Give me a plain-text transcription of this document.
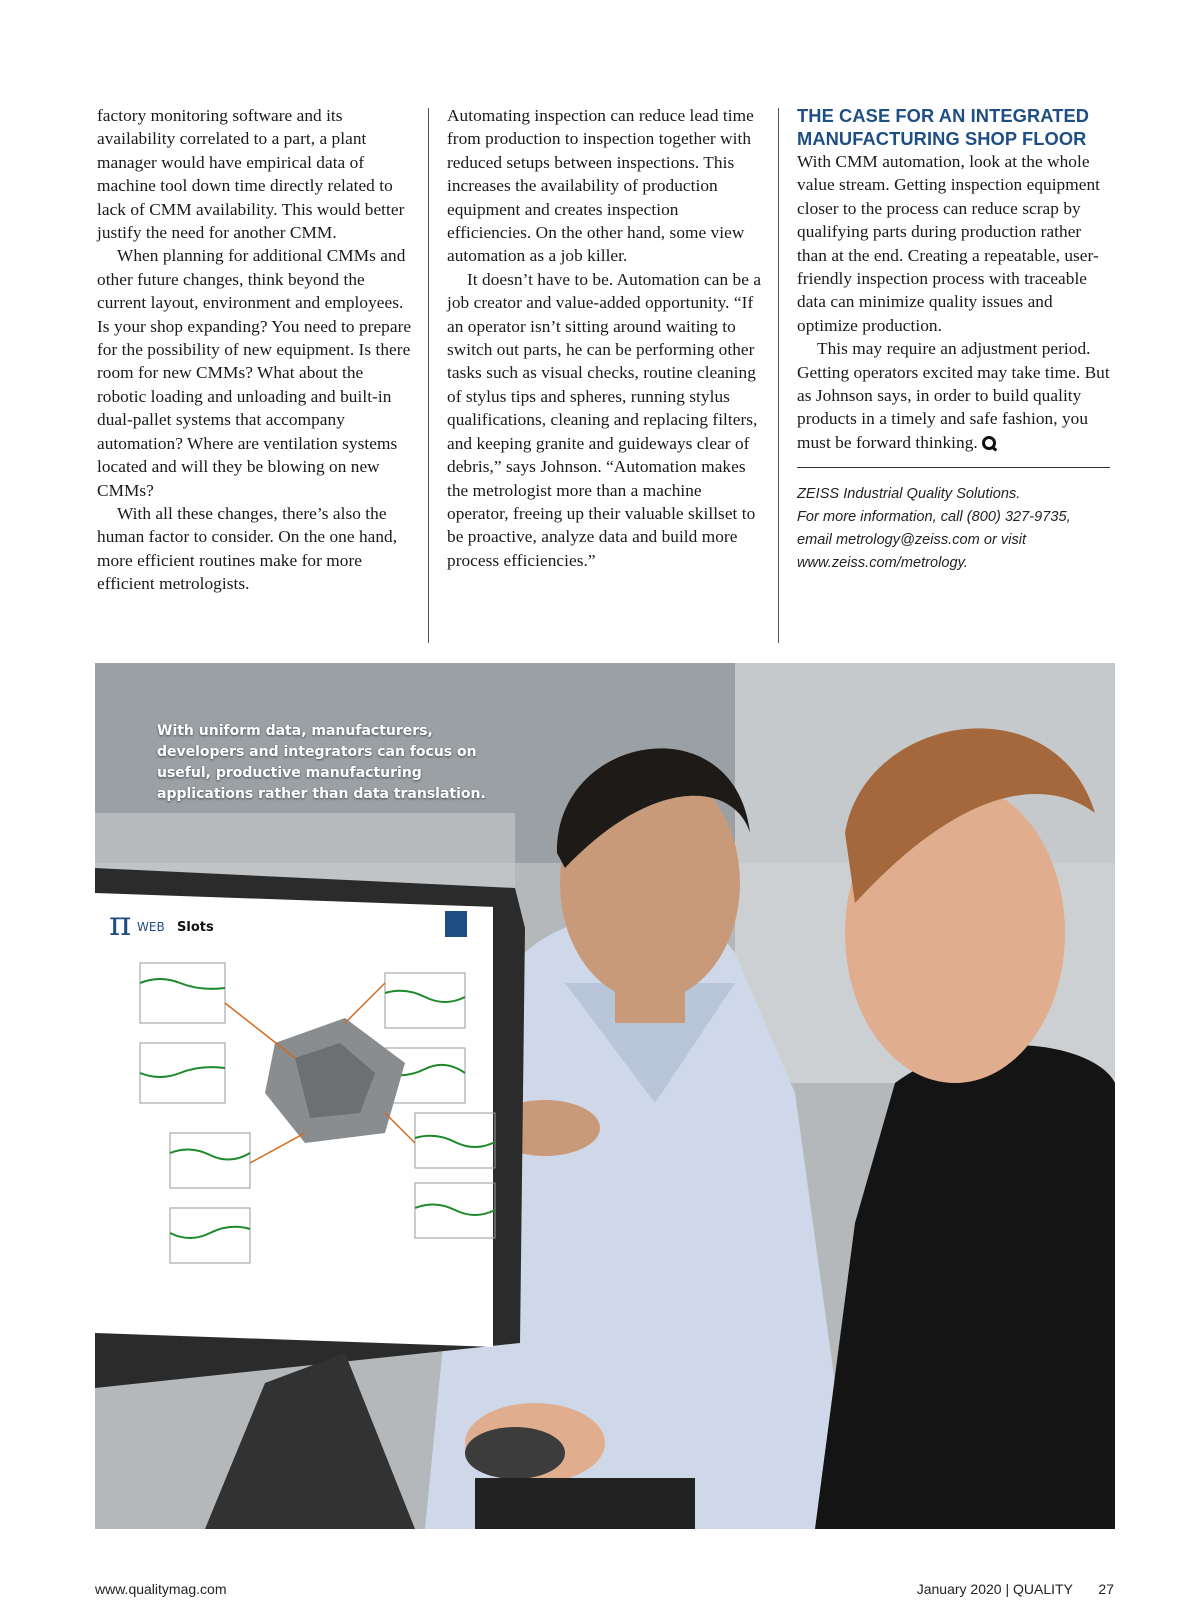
factory monitoring software and its availability correlated to a part, a plant manager would have empirical data of machine tool down time directly related to lack of CMM availability. This would better justify the need for another CMM.

When planning for additional CMMs and other future changes, think beyond the current layout, environment and employees. Is your shop expanding? You need to prepare for the possibility of new equipment. Is there room for new CMMs? What about the robotic loading and unloading and built-in dual-pallet systems that accompany automation? Where are ventilation systems located and will they be blowing on new CMMs?

With all these changes, there’s also the human factor to consider. On the one hand, more efficient routines make for more efficient metrologists.

Automating inspection can reduce lead time from production to inspection together with reduced setups between inspections. This increases the availability of production equipment and creates inspection efficiencies. On the other hand, some view automation as a job killer.

It doesn’t have to be. Automation can be a job creator and value-added opportunity. “If an operator isn’t sitting around waiting to switch out parts, he can be performing other tasks such as visual checks, routine cleaning of stylus tips and spheres, running stylus qualifications, cleaning and replacing filters, and keeping granite and guideways clear of debris,” says Johnson. “Automation makes the metrologist more than a machine operator, freeing up their valuable skillset to be proactive, analyze data and build more process efficiencies.”

THE CASE FOR AN INTEGRATED
MANUFACTURING SHOP FLOOR

With CMM automation, look at the whole value stream. Getting inspection equipment closer to the process can reduce scrap by qualifying parts during production rather than at the end. Creating a repeatable, user-friendly inspection process with traceable data can minimize quality issues and optimize production.

This may require an adjustment period. Getting operators excited may take time. But as Johnson says, in order to build quality products in a timely and safe fashion, you must be forward thinking.

ZEISS Industrial Quality Solutions.
For more information, call (800) 327-9735,
email metrology@zeiss.com or visit
www.zeiss.com/metrology.
π WEB Slots
With uniform data, manufacturers, developers and integrators can focus on useful, productive manufacturing applications rather than data translation.
www.qualitymag.com	January 2020 | QUALITY 27
